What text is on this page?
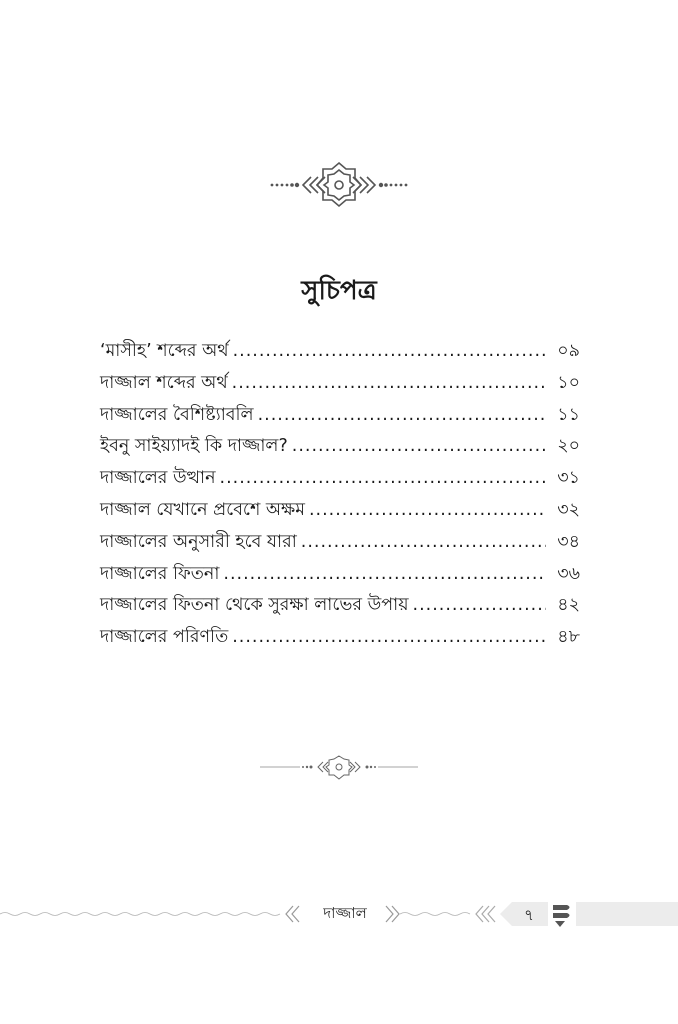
সুচিপত্র
‘মাসীহ’ শব্দের অর্থ .....	০৯
দাজ্জাল শব্দের অর্থ .....	১০
দাজ্জালের বৈশিষ্ট্যাবলি .....	১১
ইবনু সাইয়্যাদই কি দাজ্জাল? .....	২০
দাজ্জালের উত্থান .....	৩১
দাজ্জাল যেখানে প্রবেশে অক্ষম .....	৩২
দাজ্জালের অনুসারী হবে যারা .....	৩৪
দাজ্জালের ফিতনা .....	৩৬
দাজ্জালের ফিতনা থেকে সুরক্ষা লাভের উপায় .....	৪২
দাজ্জালের পরিণতি .....	৪৮
দাজ্জাল	৭
